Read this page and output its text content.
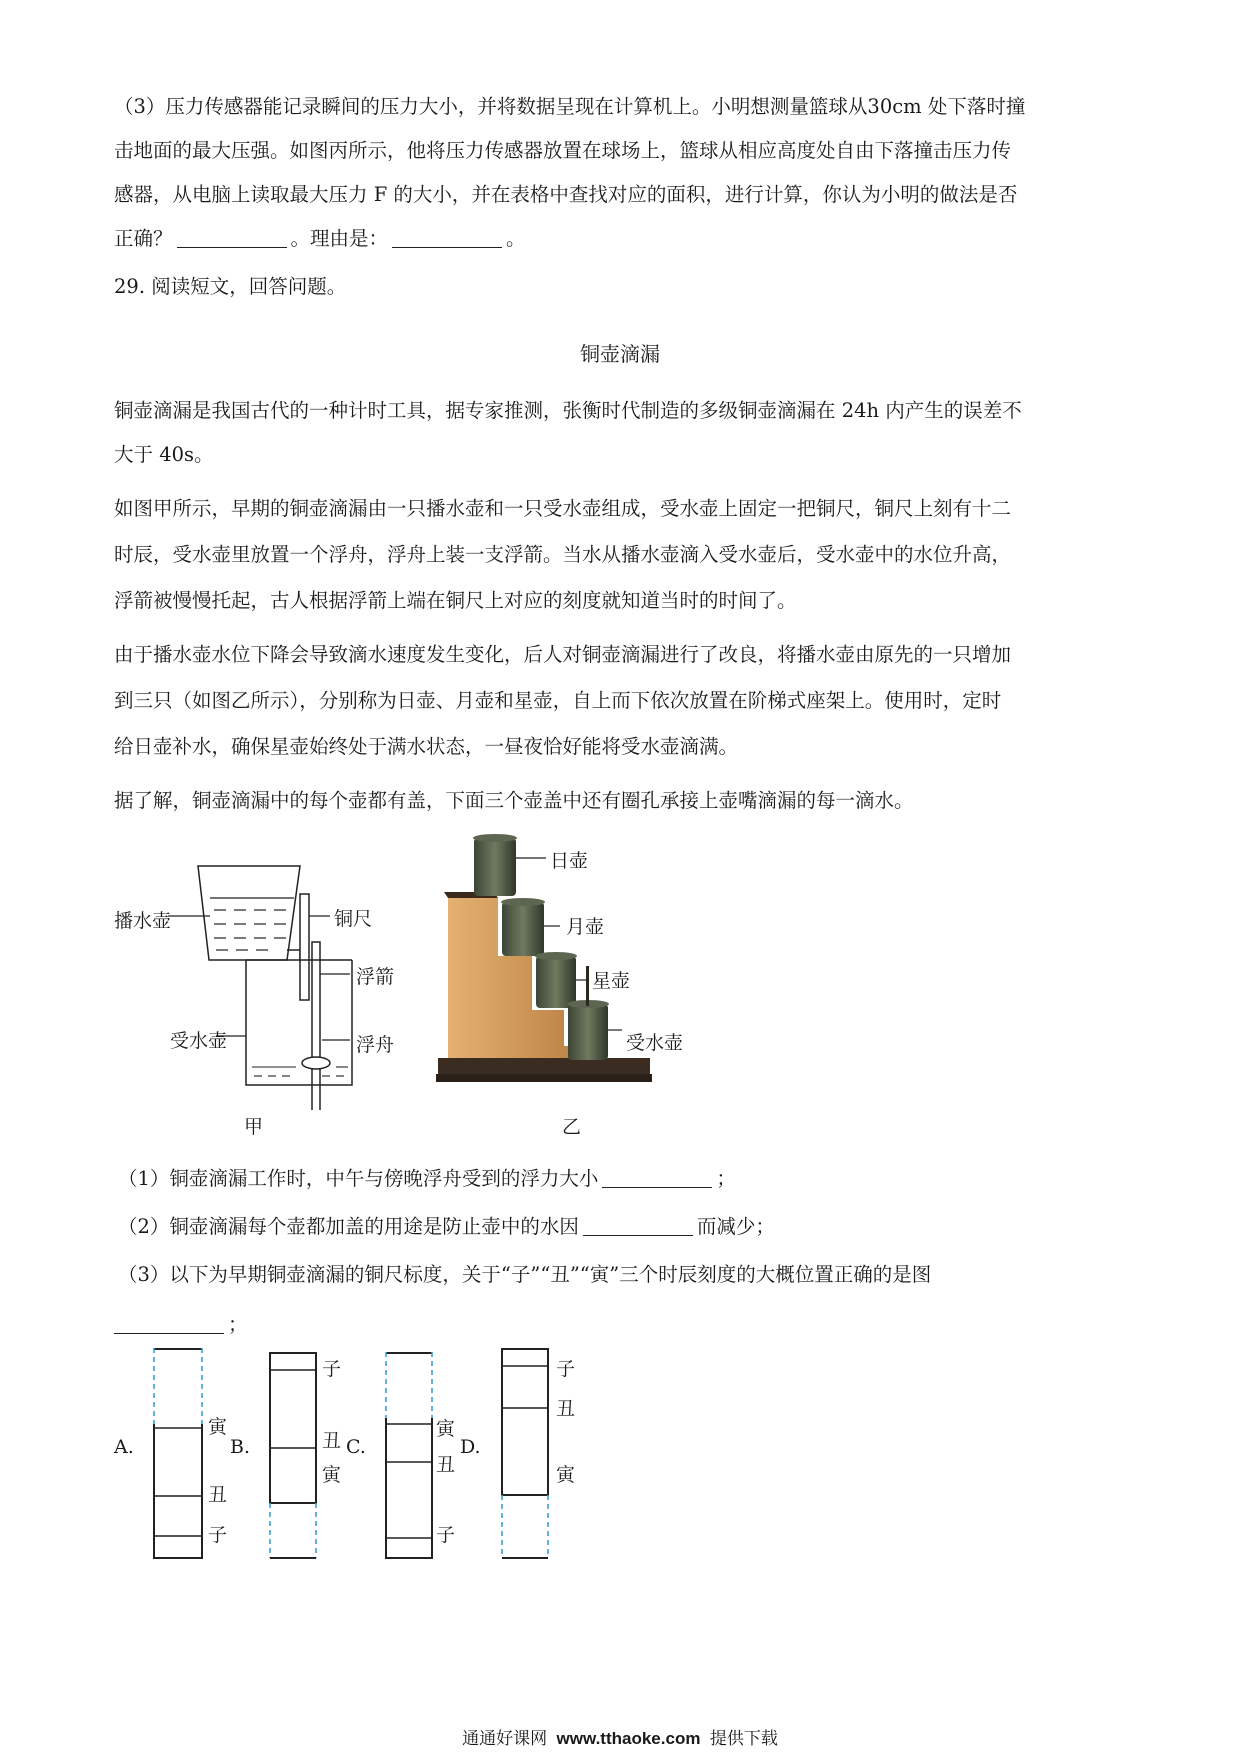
（3）压力传感器能记录瞬间的压力大小，并将数据呈现在计算机上。小明想测量篮球从30cm 处下落时撞

击地面的最大压强。如图丙所示，他将压力传感器放置在球场上，篮球从相应高度处自由下落撞击压力传

感器，从电脑上读取最大压力 F 的大小，并在表格中查找对应的面积，进行计算，你认为小明的做法是否

正确？	。理由是：	。

29. 阅读短文，回答问题。

铜壶滴漏

铜壶滴漏是我国古代的一种计时工具，据专家推测，张衡时代制造的多级铜壶滴漏在 24h 内产生的误差不

大于 40s。

如图甲所示，早期的铜壶滴漏由一只播水壶和一只受水壶组成，受水壶上固定一把铜尺，铜尺上刻有十二

时辰，受水壶里放置一个浮舟，浮舟上装一支浮箭。当水从播水壶滴入受水壶后，受水壶中的水位升高，

浮箭被慢慢托起，古人根据浮箭上端在铜尺上对应的刻度就知道当时的时间了。

由于播水壶水位下降会导致滴水速度发生变化，后人对铜壶滴漏进行了改良，将播水壶由原先的一只增加

到三只（如图乙所示），分别称为日壶、月壶和星壶，自上而下依次放置在阶梯式座架上。使用时，定时

给日壶补水，确保星壶始终处于满水状态，一昼夜恰好能将受水壶滴满。

据了解，铜壶滴漏中的每个壶都有盖，下面三个壶盖中还有圈孔承接上壶嘴滴漏的每一滴水。

播水壶	铜尺
浮箭
受水壶	浮舟
甲
日壶
月壶
星壶
受水壶
乙

（1）铜壶滴漏工作时，中午与傍晚浮舟受到的浮力大小	；

（2）铜壶滴漏每个壶都加盖的用途是防止壶中的水因	而减少；

（3）以下为早期铜壶滴漏的铜尺标度，关于“子”“丑”“寅”三个时辰刻度的大概位置正确的是图

；

A.
寅
丑
子
B.
子
丑
寅
C.
寅
丑
子
D.
子
丑
寅
通通好课网 www.tthaoke.com 提供下载
